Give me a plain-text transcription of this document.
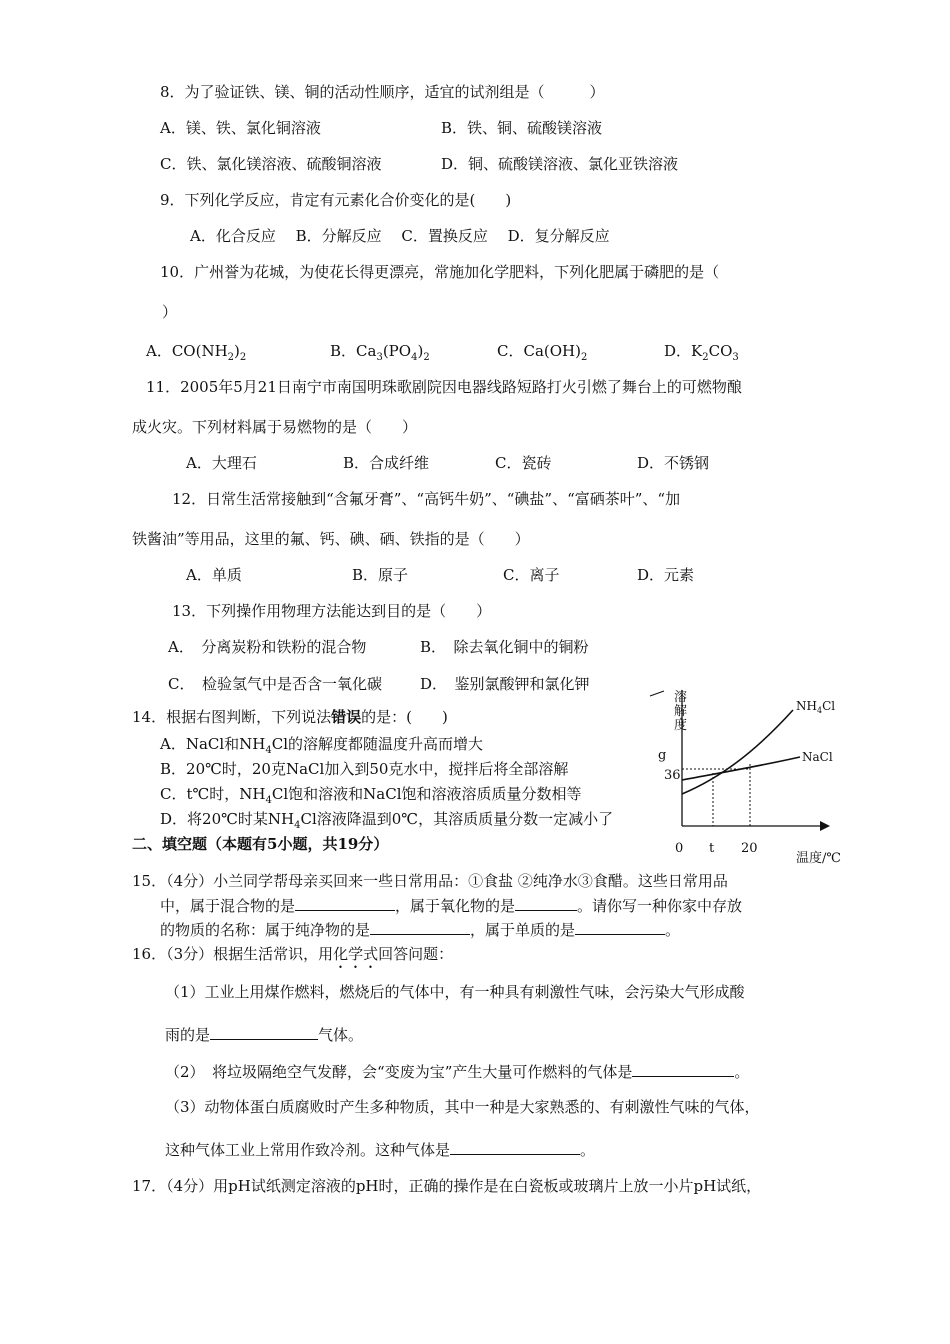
8．为了验证铁、镁、铜的活动性顺序，适宜的试剂组是（　　　）
A．镁、铁、氯化铜溶液	B．铁、铜、硫酸镁溶液
C．铁、氯化镁溶液、硫酸铜溶液	D．铜、硫酸镁溶液、氯化亚铁溶液
9．下列化学反应，肯定有元素化合价变化的是(　　)
A．化合反应　 B．分解反应　 C．置换反应　 D．复分解反应
10．广州誉为花城，为使花长得更漂亮，常施加化学肥料，下列化肥属于磷肥的是（
）
A．$CO(NH_2)_2$	B．$Ca_3(PO_4)_2$	C．$Ca(OH)_2$	D．$K_2CO_3$
11．2005年5月21日南宁市南国明珠歌剧院因电器线路短路打火引燃了舞台上的可燃物酿
成火灾。下列材料属于易燃物的是（　　）
A．大理石	B．合成纤维	C．瓷砖	D．不锈钢
12．日常生活常接触到“含氟牙膏”、“高钙牛奶”、“碘盐”、“富硒茶叶”、“加
铁酱油”等用品，这里的氟、钙、碘、硒、铁指的是（　　）
A．单质	B．原子	C．离子	D．元素
13．下列操作用物理方法能达到目的是（　　）
A．　分离炭粉和铁粉的混合物	B．　除去氧化铜中的铜粉
C．　检验氢气中是否含一氧化碳	D．　鉴别氯酸钾和氯化钾
14．根据右图判断，下列说法错误的是：(　　)
A．NaCl和$NH_4Cl$的溶解度都随温度升高而增大
B．20℃时，20克NaCl加入到50克水中，搅拌后将全部溶解
C．t℃时，$NH_4Cl$饱和溶液和NaCl饱和溶液溶质质量分数相等
D．将20℃时某$NH_4Cl$溶液降温到0℃，其溶质质量分数一定减小了
溶
解
度
g
36
$NH_4Cl$
NaCl
0 t 20
温度/℃
二、填空题（本题有5小题，共19分）
15．（4分）小兰同学帮母亲买回来一些日常用品：①食盐 ②纯净水③食醋。这些日常用品
中，属于混合物的是	，属于氧化物的是	。请你写一种你家中存放
的物质的名称：属于纯净物的是	，属于单质的是	。
16．（3分）根据生活常识，用化学式回答问题：
（1）工业上用煤作燃料，燃烧后的气体中，有一种具有刺激性气味，会污染大气形成酸
雨的是	气体。
（2）　将垃圾隔绝空气发酵，会“变废为宝”产生大量可作燃料的气体是	。
（3）动物体蛋白质腐败时产生多种物质，其中一种是大家熟悉的、有刺激性气味的气体，
这种气体工业上常用作致冷剂。这种气体是	。
17．（4分）用pH试纸测定溶液的pH时，正确的操作是在白瓷板或玻璃片上放一小片pH试纸，
